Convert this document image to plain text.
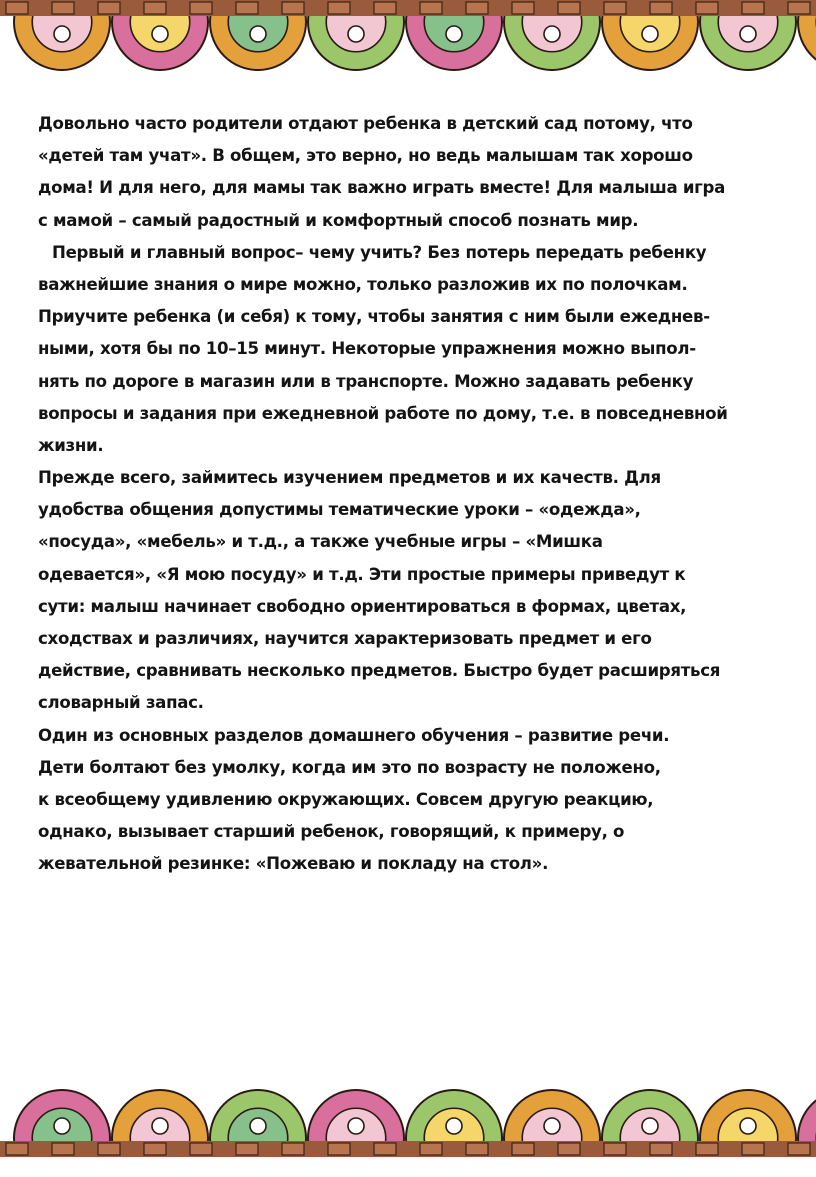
Довольно часто родители отдают ребенка в детский сад потому, что
«детей там учат». В общем, это верно, но ведь малышам так хорошо
дома! И для него, для мамы так важно играть вместе! Для малыша игра
с мамой – самый радостный и комфортный способ познать мир.
Первый и главный вопрос– чему учить? Без потерь передать ребенку
важнейшие знания о мире можно, только разложив их по полочкам.
Приучите ребенка (и себя) к тому, чтобы занятия с ним были ежеднев-
ными, хотя бы по 10–15 минут. Некоторые упражнения можно выпол-
нять по дороге в магазин или в транспорте. Можно задавать ребенку
вопросы и задания при ежедневной работе по дому, т.е. в повседневной
жизни.
Прежде всего, займитесь изучением предметов и их качеств. Для
удобства общения допустимы тематические уроки – «одежда»,
«посуда», «мебель» и т.д., а также учебные игры – «Мишка
одевается», «Я мою посуду» и т.д. Эти простые примеры приведут к
сути: малыш начинает свободно ориентироваться в формах, цветах,
сходствах и различиях, научится характеризовать предмет и его
действие, сравнивать несколько предметов. Быстро будет расширяться
словарный запас.
Один из основных разделов домашнего обучения – развитие речи.
Дети болтают без умолку, когда им это по возрасту не положено,
к всеобщему удивлению окружающих. Совсем другую реакцию,
однако, вызывает старший ребенок, говорящий, к примеру, о
жевательной резинке: «Пожеваю и покладу на стол».
